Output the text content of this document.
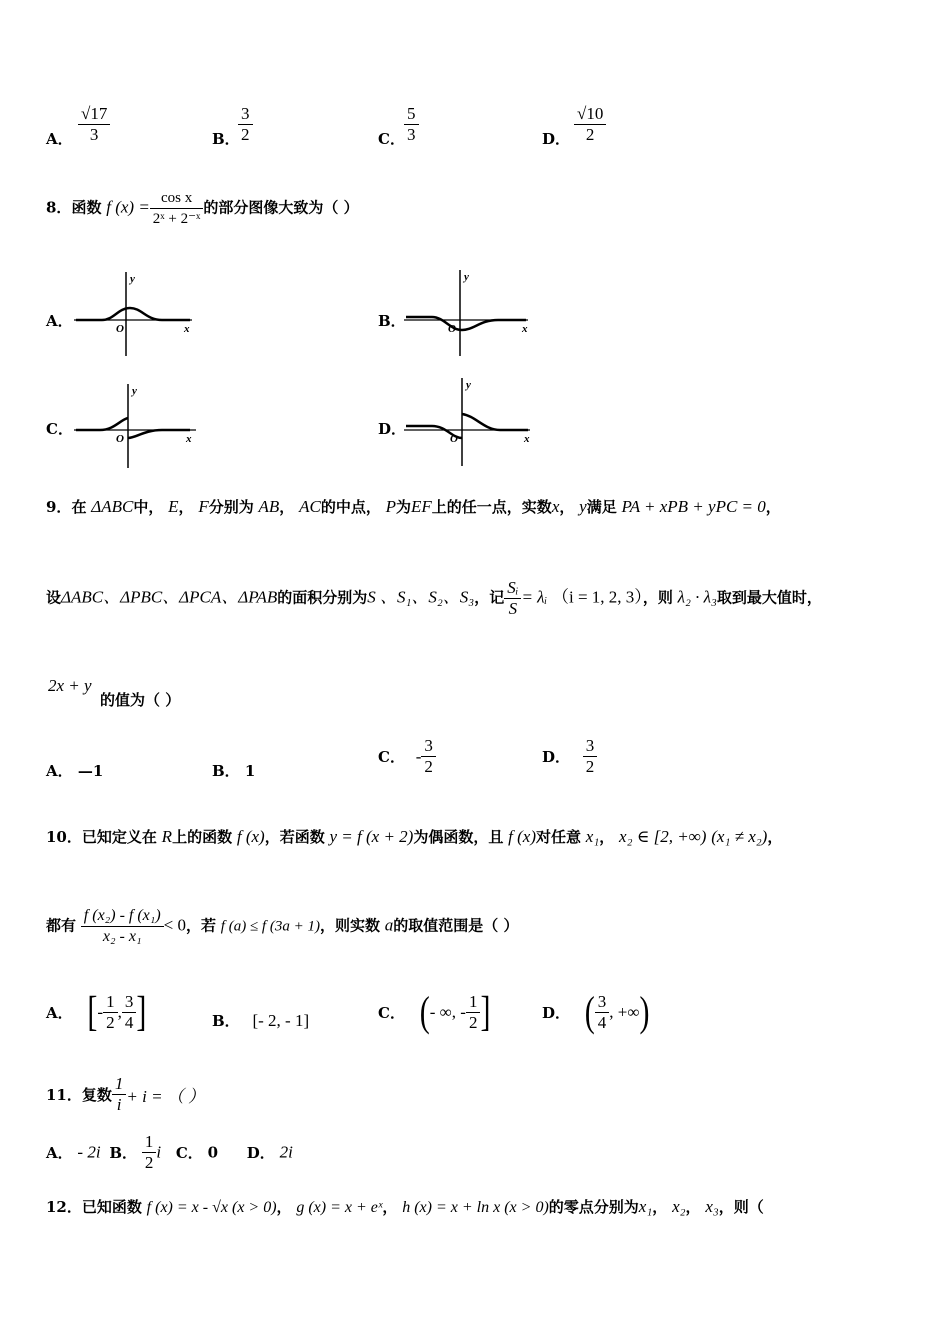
A． $\frac{√17}{3}$	B．
$\frac{3}{2}$	C． $\frac{5}{3}$	D． $\frac{√10}{2}$
8．函数 f $(x) = \frac{\text{cos x}}{\text{2ˣ + 2⁻ˣ}}$ 的部分图像大致为（ ）
A．	B．
C．	D．
y
x
O
y
x
O
y
x
O
y
x
O
9．在 ΔABC中， E， F分别为 AB， AC的中点， P为EF上的任一点，实数x， y满足 PA + xPB + yPC = 0，
设ΔABC、ΔPBC、ΔPCA、ΔPAB的面积分别为S 、S₁、S₂、S₃，记 $\frac{\text{Sᵢ}}{S}$ = λᵢ （i = 1, 2, 3），则 λ₂ · λ₃取到最大值时，
2x + y
的值为（ ）
A． —1	B． 1
C． - $\frac{3}{2}$	D． $\frac{3}{2}$
10．已知定义在 R上的函数 f (x)，若函数 y = f (x + 2)为偶函数，且 f (x)对任意 x₁， x₂ ∈ [2, +∞) (x₁ ≠ x₂)，
都有 $\frac{\text{f (x₂) - f (x₁)}}{\text{x₂ - x₁}} < 0$，若 f (a) ≤ f (3a + 1)，则实数 a的取值范围是（ ）
A． [- $\frac{1}{2}$ , $\frac{3}{4}$ ]	B． [- 2, - 1]	C． (- ∞, - $\frac{1}{2}$ ]	D． ( $\frac{3}{4}$ , +∞)
11．复数 $\frac{1}{i} + i$ = （ ）
A． - 2i B． $\frac{1}{2}$ i C． 0 D． 2i
12．已知函数 f (x) = x - √x (x > 0)， g (x) = x + eˣ， h (x) = x + ln x (x > 0)的零点分别为x₁， x₂， x₃，则（
